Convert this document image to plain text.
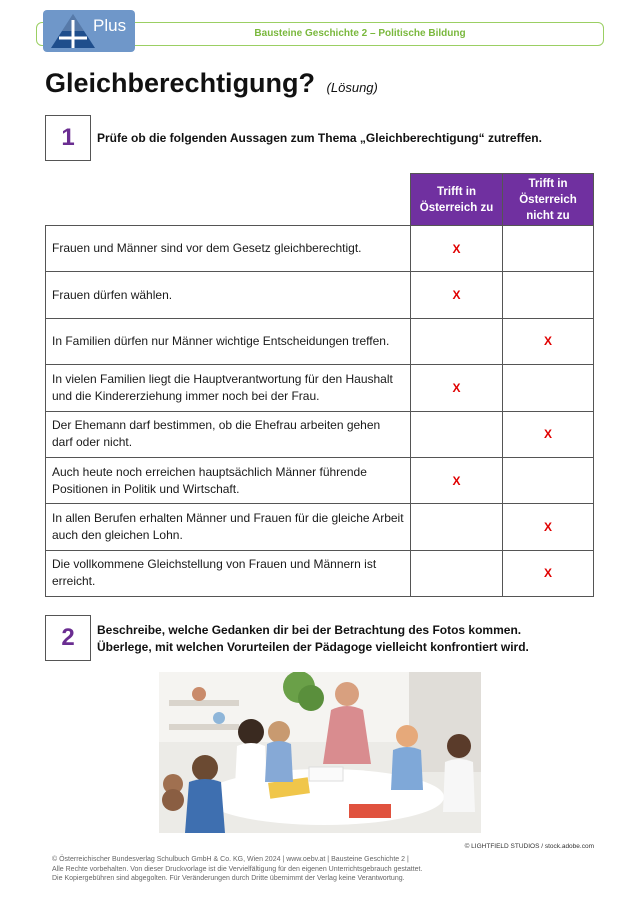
Bausteine Geschichte 2 – Politische Bildung
Plus
Gleichberechtigung? (Lösung)
1	Prüfe ob die folgenden Aussagen zum Thema „Gleichberechtigung“ zutreffen.

	Trifft in Österreich zu	Trifft in Österreich nicht zu

Frauen und Männer sind vor dem Gesetz gleichberechtigt.	X	
Frauen dürfen wählen.	X	
In Familien dürfen nur Männer wichtige Entscheidungen treffen.		X
In vielen Familien liegt die Hauptverantwortung für den Haushalt und die Kindererziehung immer noch bei der Frau.	X	
Der Ehemann darf bestimmen, ob die Ehefrau arbeiten gehen darf oder nicht.		X
Auch heute noch erreichen hauptsächlich Männer führende Positionen in Politik und Wirtschaft.	X	
In allen Berufen erhalten Männer und Frauen für die gleiche Arbeit auch den gleichen Lohn.		X
Die vollkommene Gleichstellung von Frauen und Männern ist erreicht.		X
2	Beschreibe, welche Gedanken dir bei der Betrachtung des Fotos kommen.
Überlege, mit welchen Vorurteilen der Pädagoge vielleicht konfrontiert wird.
© LIGHTFIELD STUDIOS / stock.adobe.com
© Österreichischer Bundesverlag Schulbuch GmbH & Co. KG, Wien 2024 | www.oebv.at | Bausteine Geschichte 2 |
Alle Rechte vorbehalten. Von dieser Druckvorlage ist die Vervielfältigung für den eigenen Unterrichtsgebrauch gestattet.
Die Kopiergebühren sind abgegolten. Für Veränderungen durch Dritte übernimmt der Verlag keine Verantwortung.
